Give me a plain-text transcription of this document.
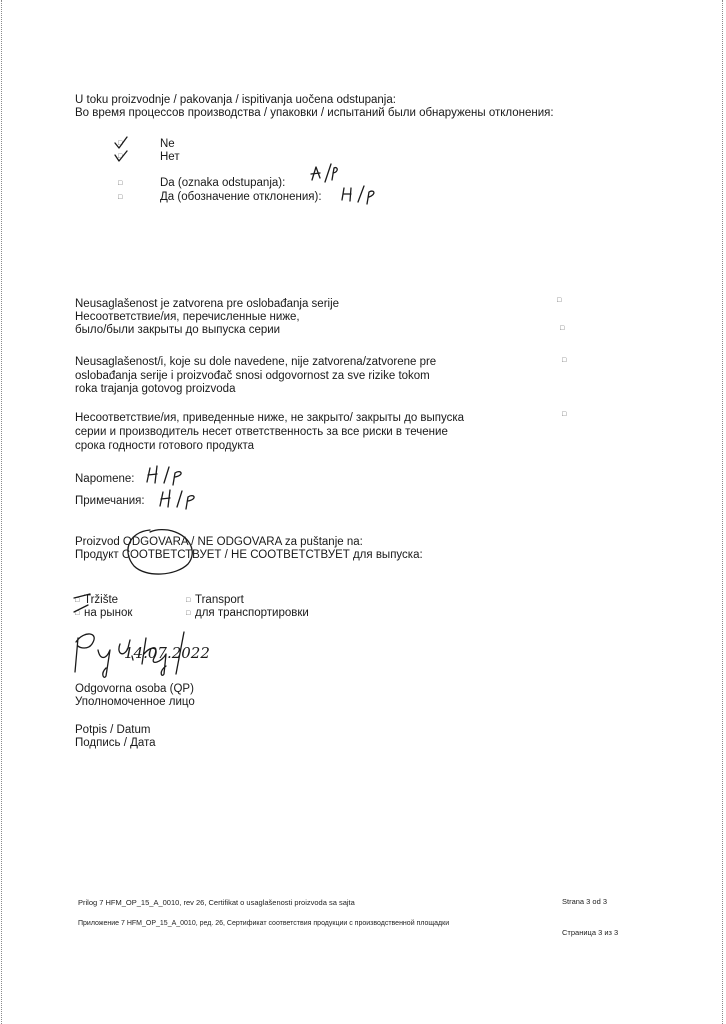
U toku proizvodnje / pakovanja / ispitivanja uočena odstupanja:
Во время процессов производства / упаковки / испытаний были обнаружены отклонения:
□
□
Ne
Нет
□
□
Da (oznaka odstupanja):
Да (обозначение отклонения):
Neusaglašenost je zatvorena pre oslobađanja serije
Несоответствие/ия, перечисленные ниже,
было/были закрыты до выпуска серии
□
□
Neusaglašenost/i, koje su dole navedene, nije zatvorena/zatvorene pre
oslobađanja serije i proizvođač snosi odgovornost za sve rizike tokom
roka trajanja gotovog proizvoda
□
Несоответствие/ия, приведенные ниже, не закрыто/ закрыты до выпуска
серии и производитель несет ответственность за все риски в течение
срока годности готового продукта
□
Napomene:
Примечания:
Proizvod ODGOVARA / NE ODGOVARA za puštanje na:
Продукт СООТВЕТСТВУЕТ / НЕ СООТВЕТСТВУЕТ для выпуска:
□ Tržište
□ на рынок
□ Transport
□ для транспортировки
14.07.2022
Odgovorna osoba (QP)
Уполномоченное лицо
Potpis / Datum
Подпись / Дата
Prilog 7 HFM_OP_15_A_0010, rev 26, Certifikat o usaglašenosti proizvoda sa sajta	Strana 3 od 3
Приложение 7 HFM_OP_15_A_0010, ред. 26, Сертификат соответствия продукции с производственной площадки
Страница 3 из 3
